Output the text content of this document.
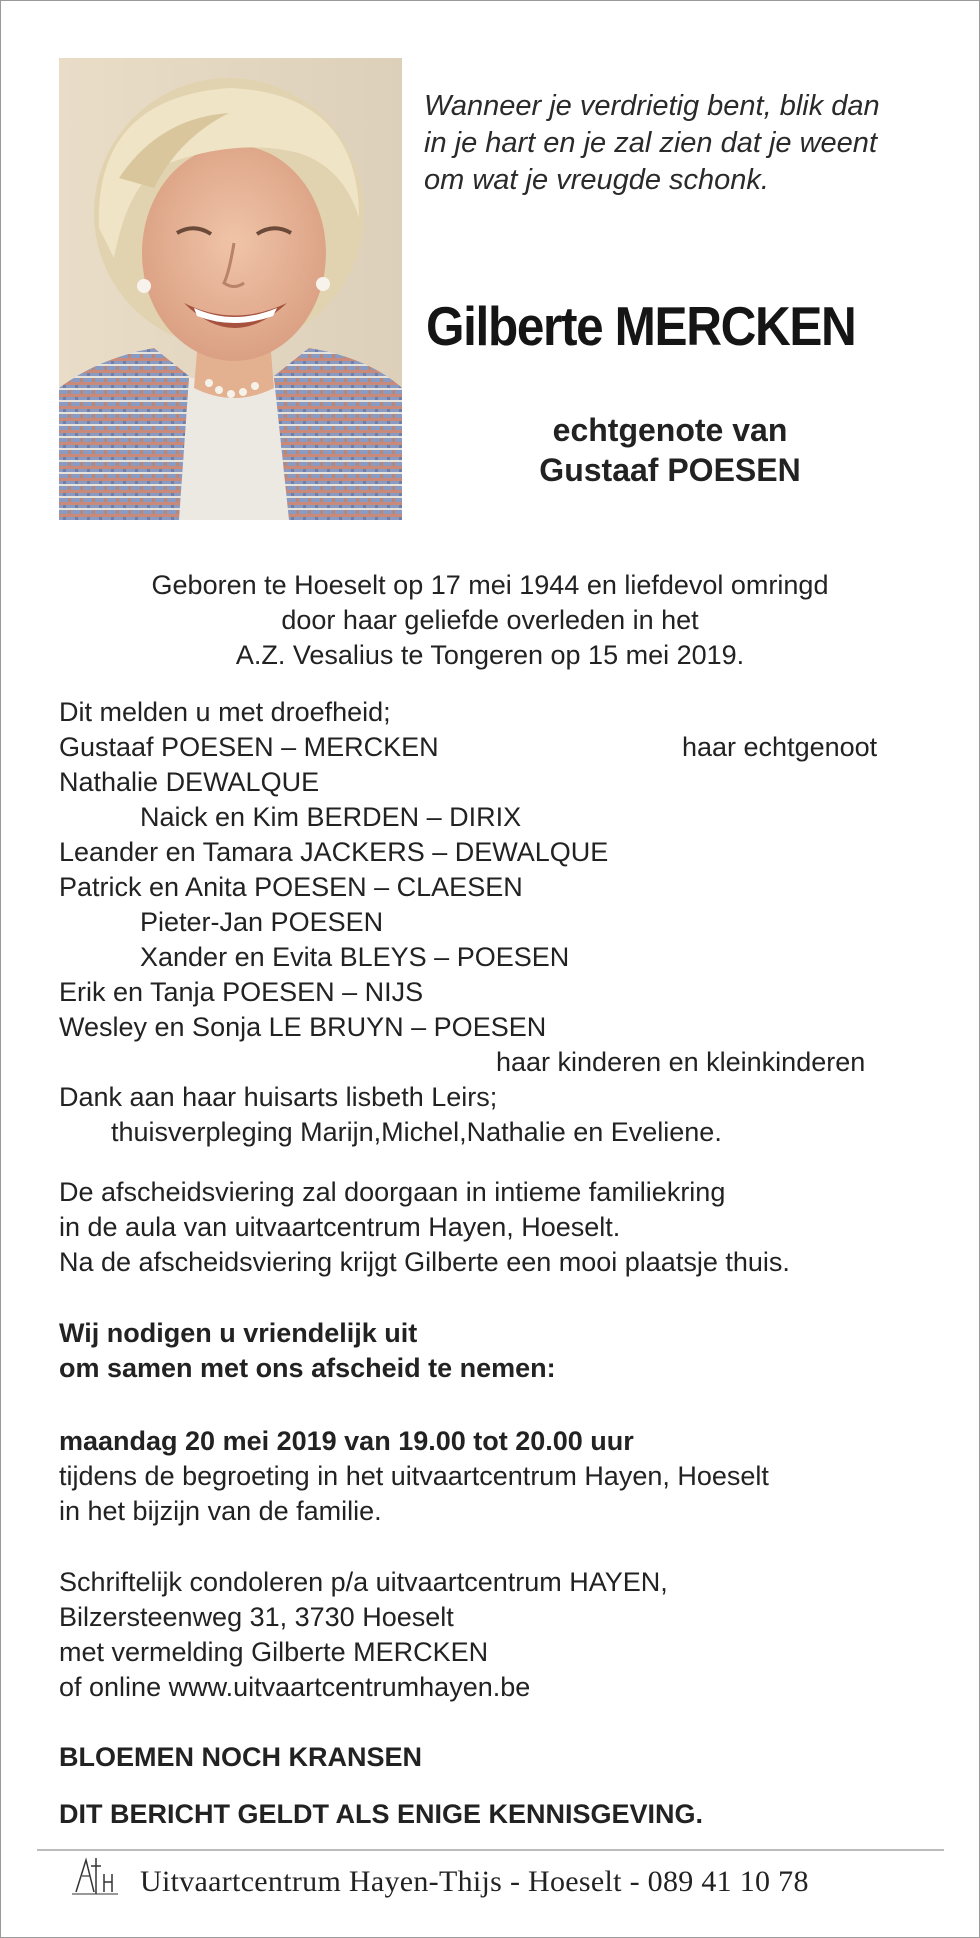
Wanneer je verdrietig bent, blik dan
in je hart en je zal zien dat je weent
om wat je vreugde schonk.
Gilberte MERCKEN
echtgenote van
Gustaaf POESEN
Geboren te Hoeselt op 17 mei 1944 en liefdevol omringd
door haar geliefde overleden in het
A.Z. Vesalius te Tongeren op 15 mei 2019.
Dit melden u met droefheid;
Gustaaf POESEN – MERCKEN	haar echtgenoot
Nathalie DEWALQUE
Naick en Kim BERDEN – DIRIX
Leander en Tamara JACKERS – DEWALQUE
Patrick en Anita POESEN – CLAESEN
Pieter-Jan POESEN
Xander en Evita BLEYS – POESEN
Erik en Tanja POESEN – NIJS
Wesley en Sonja LE BRUYN – POESEN
haar kinderen en kleinkinderen
Dank aan haar huisarts lisbeth Leirs;
thuisverpleging Marijn,Michel,Nathalie en Eveliene.
De afscheidsviering zal doorgaan in intieme familiekring
in de aula van uitvaartcentrum Hayen, Hoeselt.
Na de afscheidsviering krijgt Gilberte een mooi plaatsje thuis.
Wij nodigen u vriendelijk uit
om samen met ons afscheid te nemen:
maandag 20 mei 2019 van 19.00 tot 20.00 uur
tijdens de begroeting in het uitvaartcentrum Hayen, Hoeselt
in het bijzijn van de familie.
Schriftelijk condoleren p/a uitvaartcentrum HAYEN,
Bilzersteenweg 31, 3730 Hoeselt
met vermelding Gilberte MERCKEN
of online www.uitvaartcentrumhayen.be
BLOEMEN NOCH KRANSEN
DIT BERICHT GELDT ALS ENIGE KENNISGEVING.
Uitvaartcentrum Hayen-Thijs - Hoeselt - 089 41 10 78
